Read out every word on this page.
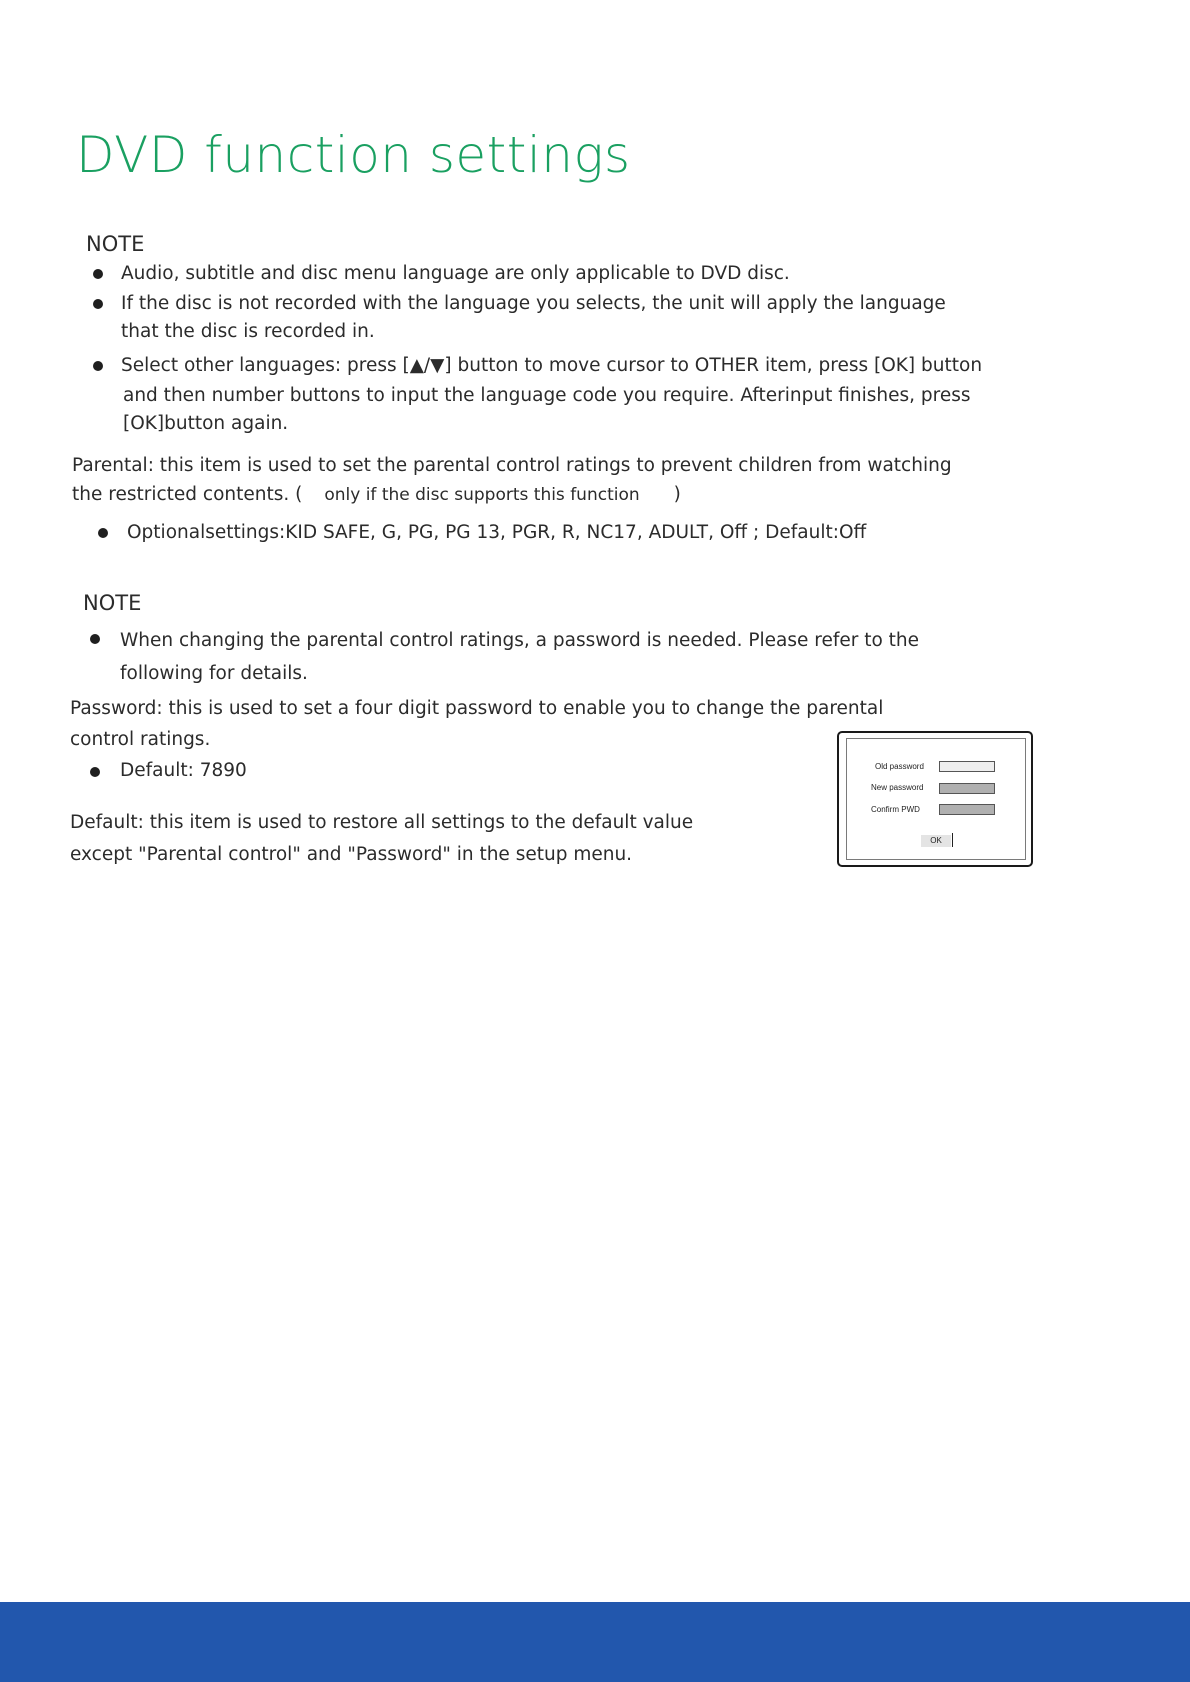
DVD function settings
NOTE
Audio, subtitle and disc menu language are only applicable to DVD disc.
If the disc is not recorded with the language you selects, the unit will apply the language
that the disc is recorded in.
Select other languages: press [▲/▼] button to move cursor to OTHER item, press [OK] button
and then number buttons to input the language code you require. Afterinput finishes, press
[OK]button again.
Parental: this item is used to set the parental control ratings to prevent children from watching
the restricted contents. ( only if the disc supports this function )
Optionalsettings:KID SAFE, G, PG, PG 13, PGR, R, NC17, ADULT, Off ; Default:Off
NOTE
When changing the parental control ratings, a password is needed. Please refer to the
following for details.
Password: this is used to set a four digit password to enable you to change the parental
control ratings.
Default: 7890
Default: this item is used to restore all settings to the default value
except "Parental control" and "Password" in the setup menu.
Old password
New password
Confirm PWD
OK
